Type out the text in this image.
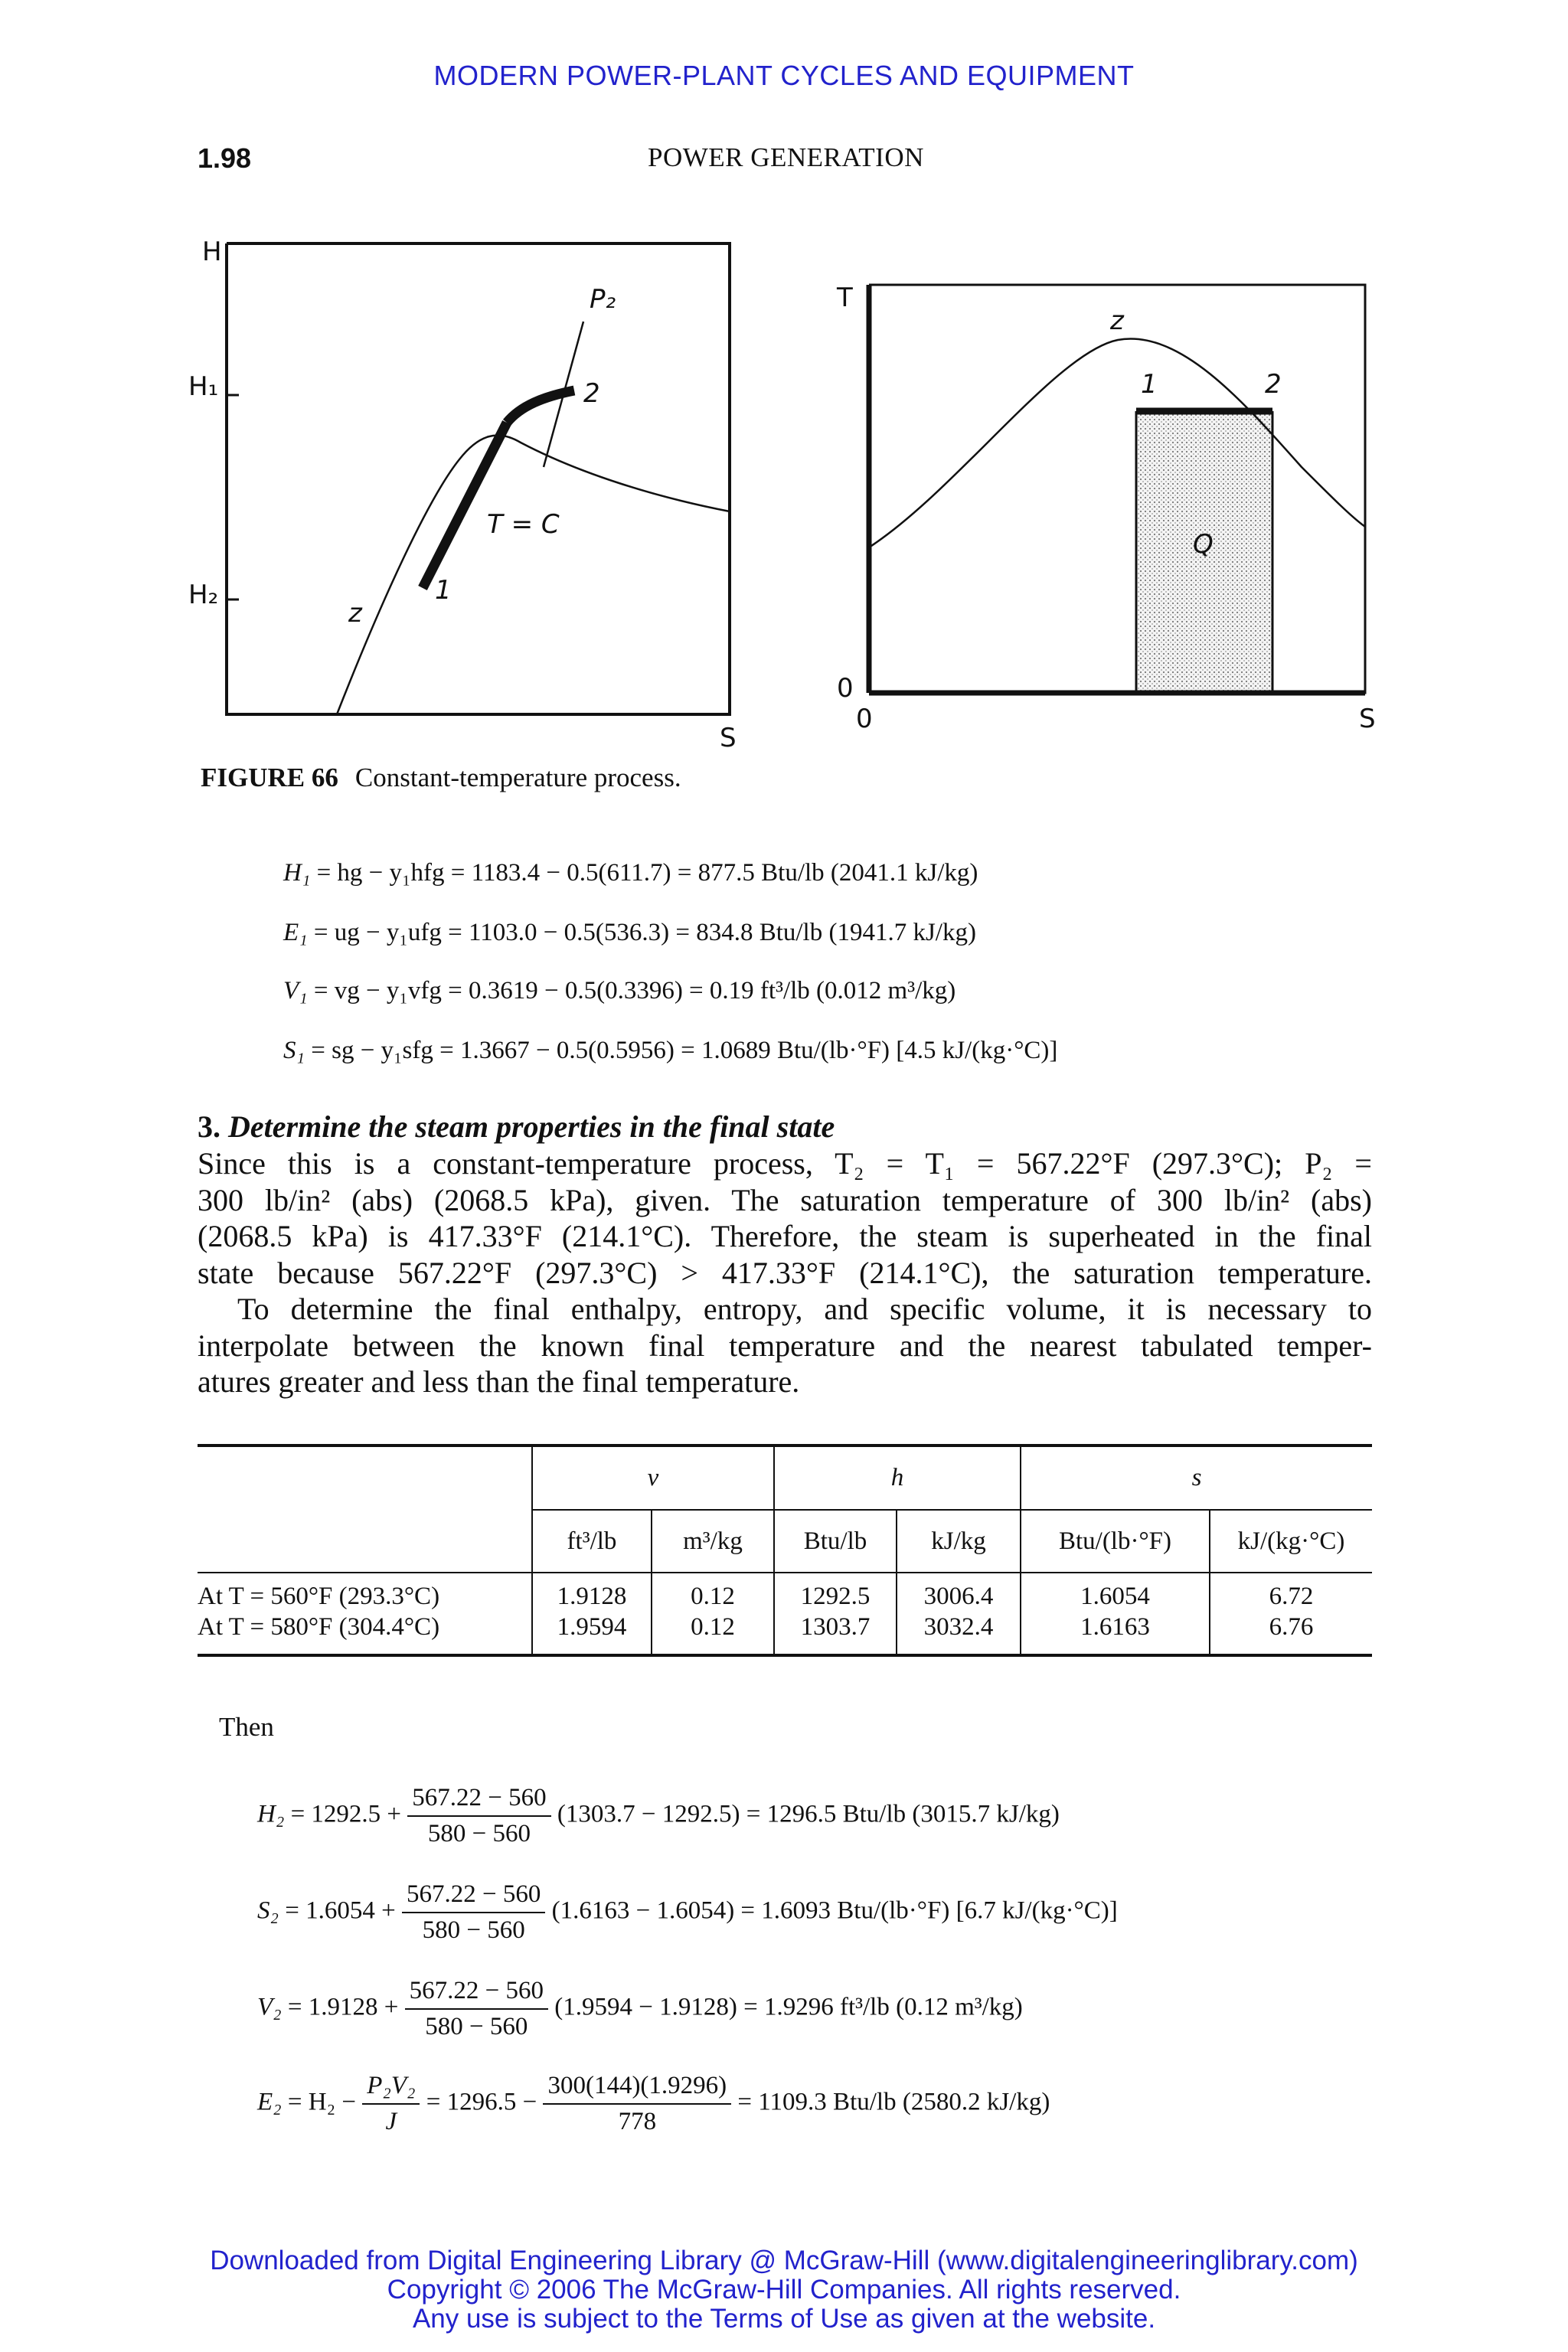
MODERN POWER-PLANT CYCLES AND EQUIPMENT
1.98	POWER GENERATION
H
H₁
H₂
S
P₂
2
1
z
T = C
T
0
0	S
z
1	2
Q
FIGURE 66 Constant-temperature process.
H₁ = hg − y₁hfg = 1183.4 − 0.5(611.7) = 877.5 Btu/lb (2041.1 kJ/kg)
E₁ = ug − y₁ufg = 1103.0 − 0.5(536.3) = 834.8 Btu/lb (1941.7 kJ/kg)
V₁ = vg − y₁vfg = 0.3619 − 0.5(0.3396) = 0.19 ft³/lb (0.012 m³/kg)
S₁ = sg − y₁sfg = 1.3667 − 0.5(0.5956) = 1.0689 Btu/(lb·°F) [4.5 kJ/(kg·°C)]
3. Determine the steam properties in the final state
Since this is a constant-temperature process, T₂ = T₁ = 567.22°F (297.3°C); P₂ =
300 lb/in² (abs) (2068.5 kPa), given. The saturation temperature of 300 lb/in² (abs)
(2068.5 kPa) is 417.33°F (214.1°C). Therefore, the steam is superheated in the final
state because 567.22°F (297.3°C) > 417.33°F (214.1°C), the saturation temperature.
To determine the final enthalpy, entropy, and specific volume, it is necessary to
interpolate between the known final temperature and the nearest tabulated temper-
atures greater and less than the final temperature.
	v		h		s	
	ft³/lb	m³/kg	Btu/lb	kJ/kg	Btu/(lb·°F)	kJ/(kg·°C)
At T = 560°F (293.3°C)	1.9128	0.12	1292.5	3006.4	1.6054	6.72
At T = 580°F (304.4°C)	1.9594	0.12	1303.7	3032.4	1.6163	6.76
Then
$H_2 = 1292.5 + \frac{567.22 - 560}{580 - 560} (1303.7 - 1292.5) = 1296.5$ Btu/lb (3015.7 kJ/kg)
$S_2 = 1.6054 + \frac{567.22 - 560}{580 - 560} (1.6163 - 1.6054) = 1.6093$ Btu/(lb·°F) [6.7 kJ/(kg·°C)]
$V_2 = 1.9128 + \frac{567.22 - 560}{580 - 560} (1.9594 - 1.9128) = 1.9296$ ft³/lb (0.12 m³/kg)
$E_2 = H_2 - \frac{\text{P₂V₂}}{J} = 1296.5 - \frac{300(144)(1.9296)}{778} = 1109.3$ Btu/lb (2580.2 kJ/kg)
Downloaded from Digital Engineering Library @ McGraw-Hill (www.digitalengineeringlibrary.com)
Copyright © 2006 The McGraw-Hill Companies. All rights reserved.
Any use is subject to the Terms of Use as given at the website.
